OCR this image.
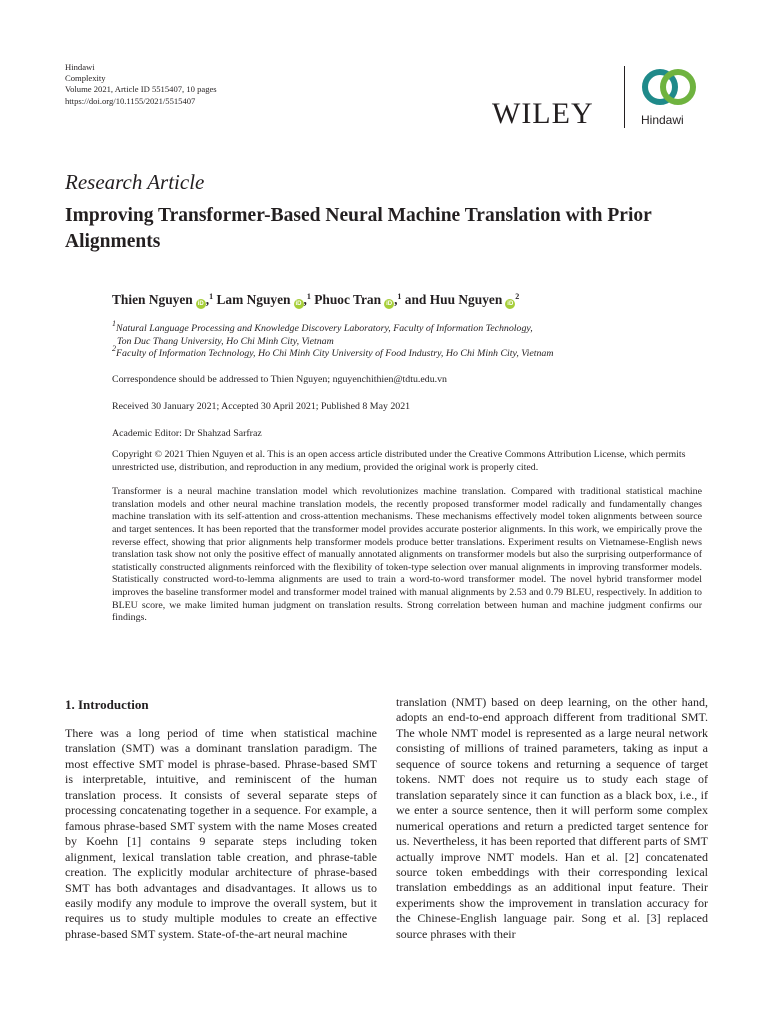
Hindawi
Complexity
Volume 2021, Article ID 5515407, 10 pages
https://doi.org/10.1155/2021/5515407	WILEY	Hindawi
Research Article
Improving Transformer-Based Neural Machine Translation with Prior Alignments
Thien Nguyen iD ,$^1$ Lam Nguyen iD ,$^1$ Phuoc Tran iD ,$^1$ and Huu Nguyen $iD^2$
$^1$Natural Language Processing and Knowledge Discovery Laboratory, Faculty of Information Technology,
Ton Duc Thang University, Ho Chi Minh City, Vietnam
$^2$Faculty of Information Technology, Ho Chi Minh City University of Food Industry, Ho Chi Minh City, Vietnam
Correspondence should be addressed to Thien Nguyen; nguyenchithien@tdtu.edu.vn
Received 30 January 2021; Accepted 30 April 2021; Published 8 May 2021
Academic Editor: Dr Shahzad Sarfraz
Copyright © 2021 Thien Nguyen et al. This is an open access article distributed under the Creative Commons Attribution License, which permits unrestricted use, distribution, and reproduction in any medium, provided the original work is properly cited.
Transformer is a neural machine translation model which revolutionizes machine translation. Compared with traditional statistical machine translation models and other neural machine translation models, the recently proposed transformer model radically and fundamentally changes machine translation with its self-attention and cross-attention mechanisms. These mechanisms effectively model token alignments between source and target sentences. It has been reported that the transformer model provides accurate posterior alignments. In this work, we empirically prove the reverse effect, showing that prior alignments help transformer models produce better translations. Experiment results on Vietnamese-English news translation task show not only the positive effect of manually annotated alignments on transformer models but also the surprising outperformance of statistically constructed alignments reinforced with the flexibility of token-type selection over manual alignments in improving transformer models. Statistically constructed word-to-lemma alignments are used to train a word-to-word transformer model. The novel hybrid transformer model improves the baseline transformer model and transformer model trained with manual alignments by 2.53 and 0.79 BLEU, respectively. In addition to BLEU score, we make limited human judgment on translation results. Strong correlation between human and machine judgment confirms our findings.
1. Introduction
There was a long period of time when statistical machine translation (SMT) was a dominant translation paradigm. The most effective SMT model is phrase-based. Phrase-based SMT is interpretable, intuitive, and reminiscent of the human translation process. It consists of several separate steps of processing concatenating together in a sequence. For example, a famous phrase-based SMT system with the name Moses created by Koehn [1] contains 9 separate steps including token alignment, lexical translation table creation, and phrase-table creation. The explicitly modular architecture of phrase-based SMT has both advantages and disadvantages. It allows us to easily modify any module to improve the overall system, but it requires us to study multiple modules to create an effective phrase-based SMT system. State-of-the-art neural machine
translation (NMT) based on deep learning, on the other hand, adopts an end-to-end approach different from traditional SMT. The whole NMT model is represented as a large neural network consisting of millions of trained parameters, taking as input a sequence of source tokens and returning a sequence of target tokens. NMT does not require us to study each stage of translation separately since it can function as a black box, i.e., if we enter a source sentence, then it will perform some complex numerical operations and return a predicted target sentence for us. Nevertheless, it has been reported that different parts of SMT actually improve NMT models. Han et al. [2] concatenated source token embeddings with their corresponding lexical translation embeddings as an additional input feature. Their experiments show the improvement in translation accuracy for the Chinese-English language pair. Song et al. [3] replaced source phrases with their
